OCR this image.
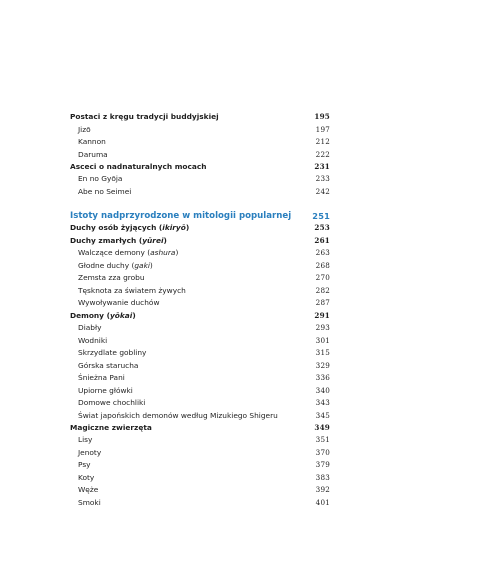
Postaci z kręgu tradycji buddyjskiej	195
Jizō	197
Kannon	212
Daruma	222
Asceci o nadnaturalnych mocach	231
En no Gyōja	233
Abe no Seimei	242
Istoty nadprzyrodzone w mitologii popularnej	251
Duchy osób żyjących (ikiryō)	253
Duchy zmarłych (yūrei)	261
Walczące demony (ashura)	263
Głodne duchy (gaki)	268
Zemsta zza grobu	270
Tęsknota za światem żywych	282
Wywoływanie duchów	287
Demony (yōkai)	291
Diabły	293
Wodniki	301
Skrzydlate gobliny	315
Górska starucha	329
Śnieżna Pani	336
Upiorne główki	340
Domowe chochliki	343
Świat japońskich demonów według Mizukiego Shigeru	345
Magiczne zwierzęta	349
Lisy	351
Jenoty	370
Psy	379
Koty	383
Węże	392
Smoki	401
